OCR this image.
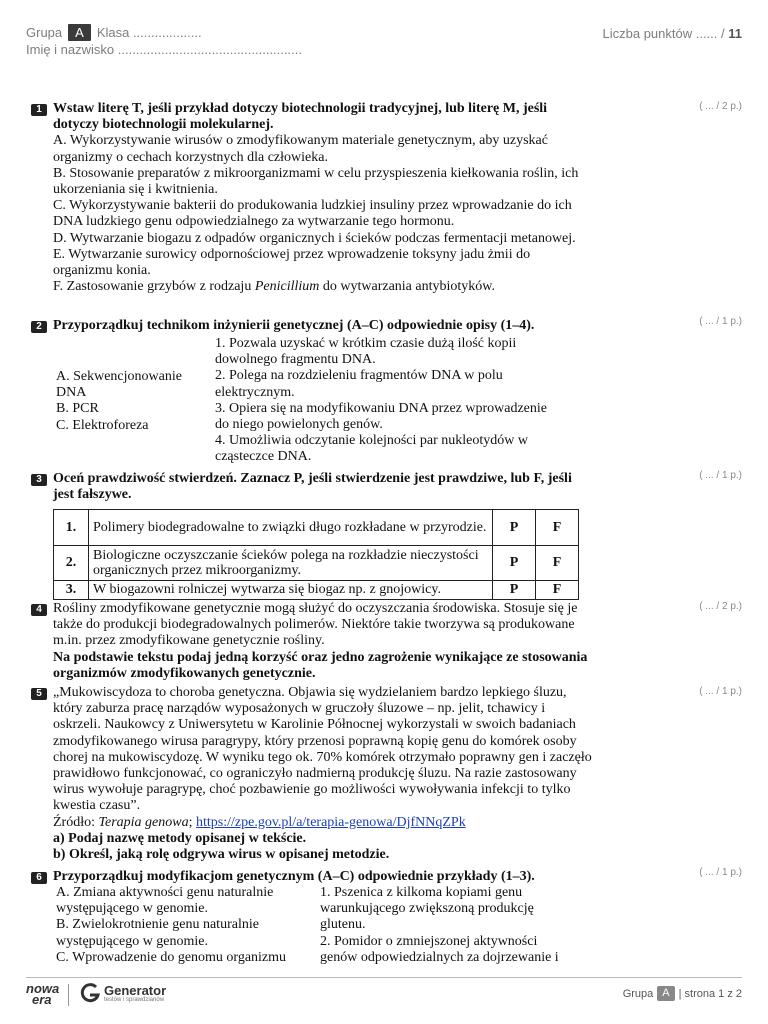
Grupa	A	Klasa ...................
Imię i nazwisko ...................................................
Liczba punktów ...... / 11
1 Wstaw literę T, jeśli przykład dotyczy biotechnologii tradycyjnej, lub literę M, jeśli dotyczy biotechnologii molekularnej.
A. Wykorzystywanie wirusów o zmodyfikowanym materiale genetycznym, aby uzyskać organizmy o cechach korzystnych dla człowieka.
B. Stosowanie preparatów z mikroorganizmami w celu przyspieszenia kiełkowania roślin, ich ukorzeniania się i kwitnienia.
C. Wykorzystywanie bakterii do produkowania ludzkiej insuliny przez wprowadzanie do ich DNA ludzkiego genu odpowiedzialnego za wytwarzanie tego hormonu.
D. Wytwarzanie biogazu z odpadów organicznych i ścieków podczas fermentacji metanowej.
E. Wytwarzanie surowicy odpornościowej przez wprowadzenie toksyny jadu żmii do organizmu konia.
F. Zastosowanie grzybów z rodzaju Penicillium do wytwarzania antybiotyków.
( ... / 2 p.)
2 Przyporządkuj technikom inżynierii genetycznej (A–C) odpowiednie opisy (1–4).	( ... / 1 p.)
A. Sekwencjonowanie DNA
B. PCR
C. Elektroforeza
1. Pozwala uzyskać w krótkim czasie dużą ilość kopii dowolnego fragmentu DNA.
2. Polega na rozdzieleniu fragmentów DNA w polu elektrycznym.
3. Opiera się na modyfikowaniu DNA przez wprowadzenie do niego powielonych genów.
4. Umożliwia odczytanie kolejności par nukleotydów w cząsteczce DNA.
3 Oceń prawdziwość stwierdzeń. Zaznacz P, jeśli stwierdzenie jest prawdziwe, lub F, jeśli jest fałszywe.
( ... / 1 p.)
1.	Polimery biodegradowalne to związki długo rozkładane w przyrodzie.	P	F
2.	Biologiczne oczyszczanie ścieków polega na rozkładzie nieczystości organicznych przez mikroorganizmy.	P	F
3.	W biogazowni rolniczej wytwarza się biogaz np. z gnojowicy.	P	F
4 Rośliny zmodyfikowane genetycznie mogą służyć do oczyszczania środowiska. Stosuje się je także do produkcji biodegradowalnych polimerów. Niektóre takie tworzywa są produkowane m.in. przez zmodyfikowane genetycznie rośliny.
Na podstawie tekstu podaj jedną korzyść oraz jedno zagrożenie wynikające ze stosowania organizmów zmodyfikowanych genetycznie.
( ... / 2 p.)
5 „Mukowiscydoza to choroba genetyczna. Objawia się wydzielaniem bardzo lepkiego śluzu, który zaburza pracę narządów wyposażonych w gruczoły śluzowe – np. jelit, tchawicy i oskrzeli. Naukowcy z Uniwersytetu w Karolinie Północnej wykorzystali w swoich badaniach zmodyfikowanego wirusa paragrypy, który przenosi poprawną kopię genu do komórek osoby chorej na mukowiscydozę. W wyniku tego ok. 70% komórek otrzymało poprawny gen i zaczęło prawidłowo funkcjonować, co ograniczyło nadmierną produkcję śluzu. Na razie zastosowany wirus wywołuje paragrypę, choć pozbawienie go możliwości wywoływania infekcji to tylko kwestia czasu”.
Źródło: Terapia genowa; https://zpe.gov.pl/a/terapia-genowa/DjfNNqZPk
a) Podaj nazwę metody opisanej w tekście.
b) Określ, jaką rolę odgrywa wirus w opisanej metodzie.
( ... / 1 p.)
6 Przyporządkuj modyfikacjom genetycznym (A–C) odpowiednie przykłady (1–3).	( ... / 1 p.)
A. Zmiana aktywności genu naturalnie występującego w genomie.
B. Zwielokrotnienie genu naturalnie występującego w genomie.
C. Wprowadzenie do genomu organizmu
1. Pszenica z kilkoma kopiami genu warunkującego zwiększoną produkcję glutenu.
2. Pomidor o zmniejszonej aktywności genów odpowiedzialnych za dojrzewanie i
nowa
era
Generator
testów i sprawdzianów
Grupa A | strona 1 z 2
